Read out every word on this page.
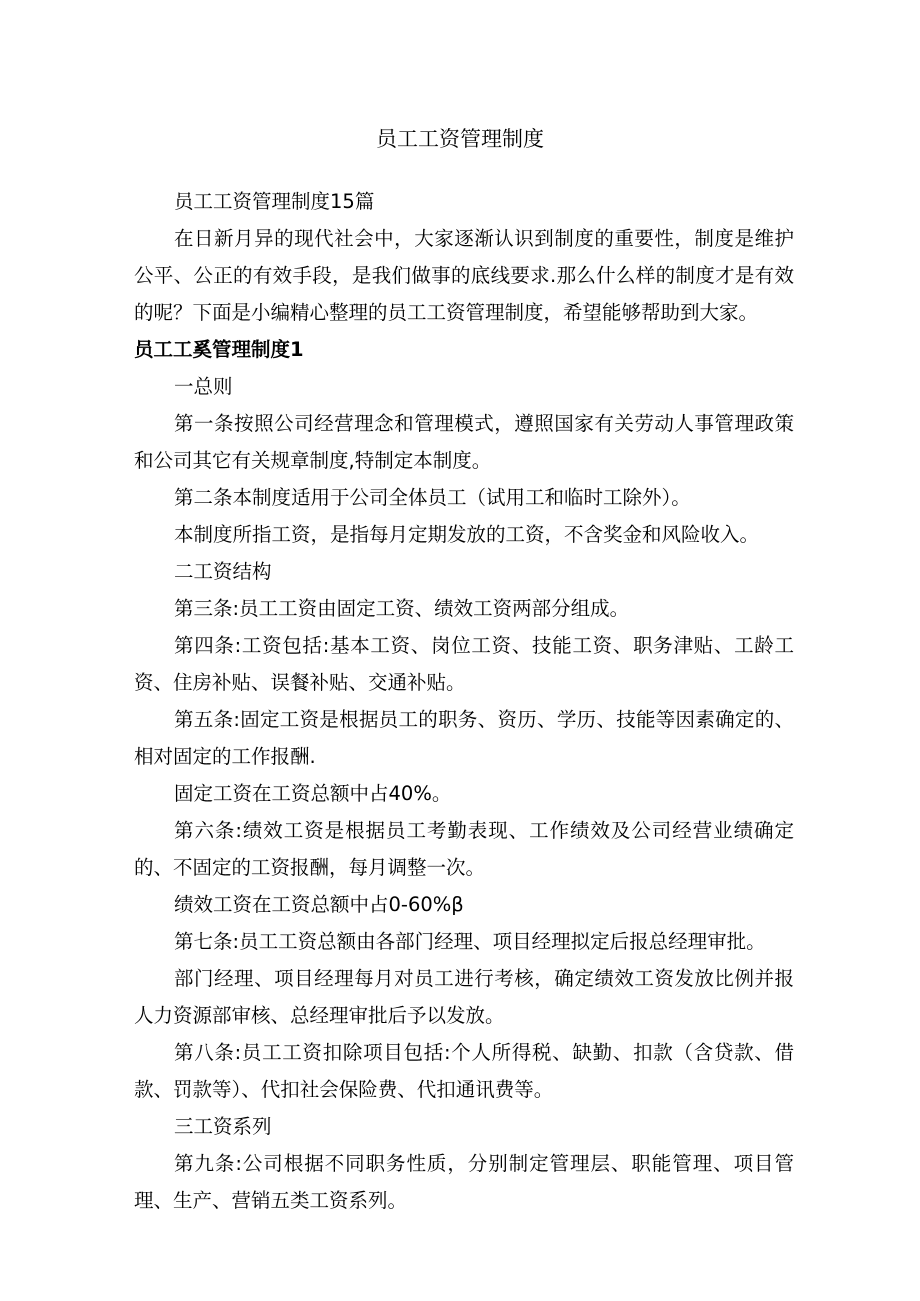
员工工资管理制度

员工工资管理制度15篇

在日新月异的现代社会中，大家逐渐认识到制度的重要性，制度是维护公平、公正的有效手段，是我们做事的底线要求.那么什么样的制度才是有效的呢？下面是小编精心整理的员工工资管理制度，希望能够帮助到大家。

员工工奚管理制度1

一总则

第一条按照公司经营理念和管理模式，遵照国家有关劳动人事管理政策和公司其它有关规章制度,特制定本制度。

第二条本制度适用于公司全体员工（试用工和临时工除外）。

本制度所指工资，是指每月定期发放的工资，不含奖金和风险收入。

二工资结构

第三条:员工工资由固定工资、绩效工资两部分组成。

第四条:工资包括:基本工资、岗位工资、技能工资、职务津贴、工龄工资、住房补贴、误餐补贴、交通补贴。

第五条:固定工资是根据员工的职务、资历、学历、技能等因素确定的、相对固定的工作报酬.

固定工资在工资总额中占40%。

第六条:绩效工资是根据员工考勤表现、工作绩效及公司经营业绩确定的、不固定的工资报酬，每月调整一次。

绩效工资在工资总额中占0-60%β

第七条:员工工资总额由各部门经理、项目经理拟定后报总经理审批。

部门经理、项目经理每月对员工进行考核，确定绩效工资发放比例并报人力资源部审核、总经理审批后予以发放。

第八条:员工工资扣除项目包括:个人所得税、缺勤、扣款（含贷款、借款、罚款等）、代扣社会保险费、代扣通讯费等。

三工资系列

第九条:公司根据不同职务性质，分别制定管理层、职能管理、项目管理、生产、营销五类工资系列。
